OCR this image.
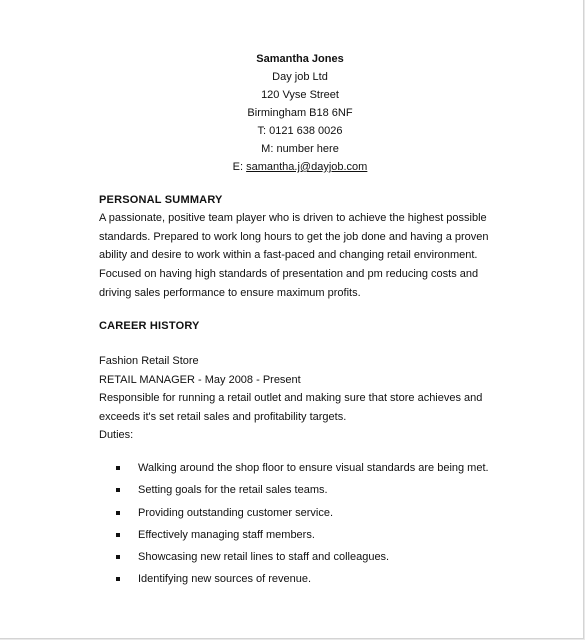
Samantha Jones
Day job Ltd
120 Vyse Street
Birmingham B18 6NF
T: 0121 638 0026
M: number here
E: samantha.j@dayjob.com
PERSONAL SUMMARY
A passionate, positive team player who is driven to achieve the highest possible
standards. Prepared to work long hours to get the job done and having a proven
ability and desire to work within a fast-paced and changing retail environment.
Focused on having high standards of presentation and pm reducing costs and
driving sales performance to ensure maximum profits.
CAREER HISTORY
Fashion Retail Store
RETAIL MANAGER - May 2008 - Present
Responsible for running a retail outlet and making sure that store achieves and
exceeds it's set retail sales and profitability targets.
Duties:
Walking around the shop floor to ensure visual standards are being met.
Setting goals for the retail sales teams.
Providing outstanding customer service.
Effectively managing staff members.
Showcasing new retail lines to staff and colleagues.
Identifying new sources of revenue.
